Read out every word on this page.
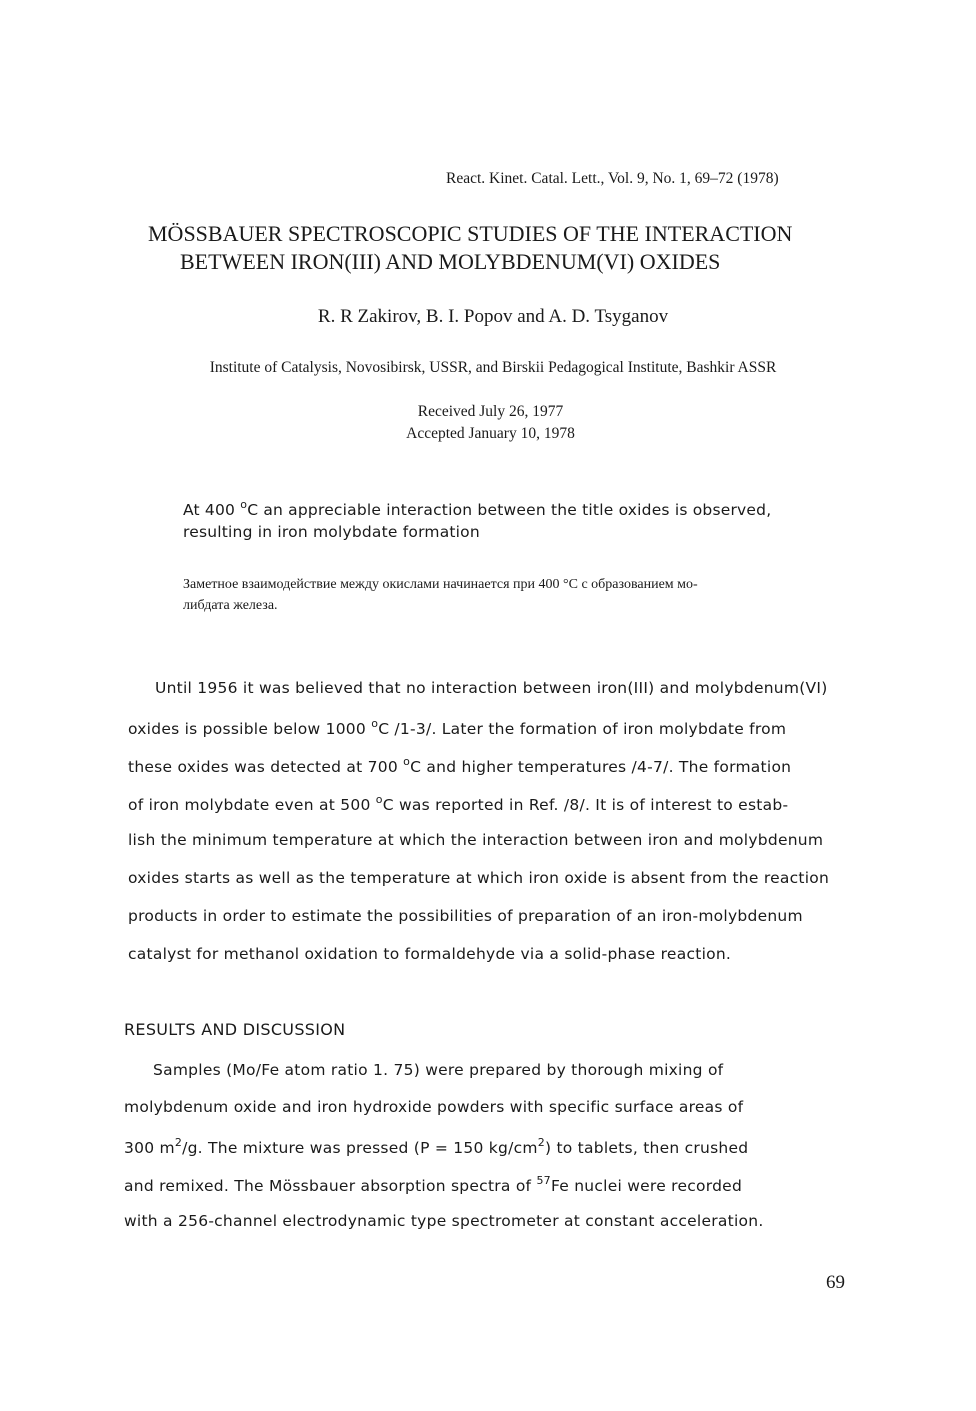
React. Kinet. Catal. Lett., Vol. 9, No. 1, 69–72 (1978)
MÖSSBAUER SPECTROSCOPIC STUDIES OF THE INTERACTION
BETWEEN IRON(III) AND MOLYBDENUM(VI) OXIDES
R. R Zakirov, B. I. Popov and A. D. Tsyganov
Institute of Catalysis, Novosibirsk, USSR, and Birskii Pedagogical Institute, Bashkir ASSR
Received July 26, 1977
Accepted January 10, 1978
At 400 $^o$C an appreciable interaction between the title oxides is observed,
resulting in iron molybdate formation
Заметное взаимодействие между окислами начинается при 400 °С с образованием мо-
либдата железа.
Until 1956 it was believed that no interaction between iron(III) and molybdenum(VI)
oxides is possible below 1000 $^o$C /1-3/. Later the formation of iron molybdate from
these oxides was detected at 700 $^o$C and higher temperatures /4-7/. The formation
of iron molybdate even at 500 $^o$C was reported in Ref. /8/. It is of interest to estab-
lish the minimum temperature at which the interaction between iron and molybdenum
oxides starts as well as the temperature at which iron oxide is absent from the reaction
products in order to estimate the possibilities of preparation of an iron-molybdenum
catalyst for methanol oxidation to formaldehyde via a solid-phase reaction.
RESULTS AND DISCUSSION
Samples (Mo/Fe atom ratio 1. 75) were prepared by thorough mixing of
molybdenum oxide and iron hydroxide powders with specific surface areas of
300 $m^2/g$. The mixture was pressed (P = 150 $kg/cm^2$) to tablets, then crushed
and remixed. The Mössbauer absorption spectra of $^{57}$Fe nuclei were recorded
with a 256-channel electrodynamic type spectrometer at constant acceleration.
69
